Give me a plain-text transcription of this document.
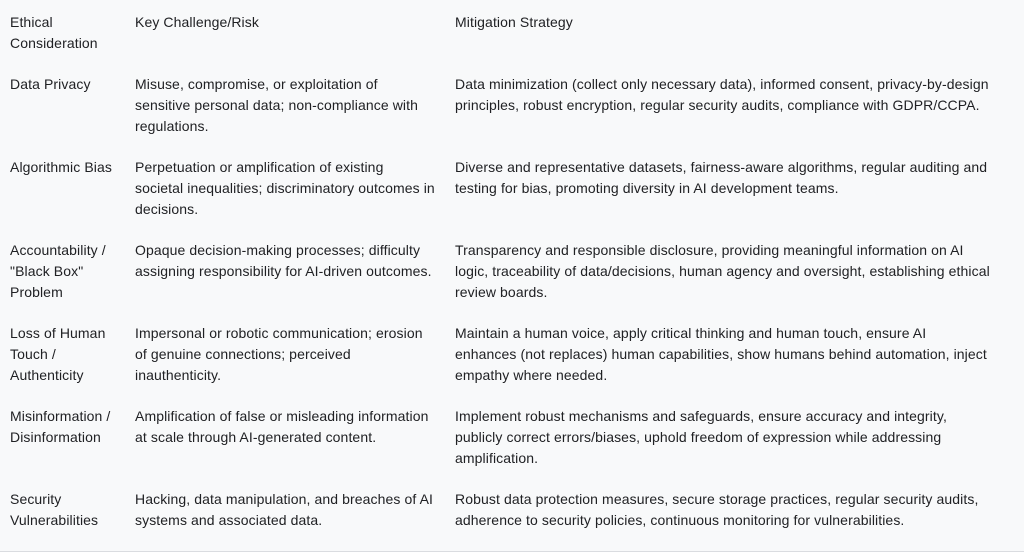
Ethical Consideration	Key Challenge/Risk	Mitigation Strategy
Data Privacy	Misuse, compromise, or exploitation of sensitive personal data; non-compliance with regulations.	Data minimization (collect only necessary data), informed consent, privacy-by-design principles, robust encryption, regular security audits, compliance with GDPR/CCPA.
Algorithmic Bias	Perpetuation or amplification of existing societal inequalities; discriminatory outcomes in decisions.	Diverse and representative datasets, fairness-aware algorithms, regular auditing and testing for bias, promoting diversity in AI development teams.
Accountability / "Black Box" Problem	Opaque decision-making processes; difficulty assigning responsibility for AI-driven outcomes.	Transparency and responsible disclosure, providing meaningful information on AI logic, traceability of data/decisions, human agency and oversight, establishing ethical review boards.
Loss of Human Touch / Authenticity	Impersonal or robotic communication; erosion of genuine connections; perceived inauthenticity.	Maintain a human voice, apply critical thinking and human touch, ensure AI enhances (not replaces) human capabilities, show humans behind automation, inject empathy where needed.
Misinformation / Disinformation	Amplification of false or misleading information at scale through AI-generated content.	Implement robust mechanisms and safeguards, ensure accuracy and integrity, publicly correct errors/biases, uphold freedom of expression while addressing amplification.
Security Vulnerabilities	Hacking, data manipulation, and breaches of AI systems and associated data.	Robust data protection measures, secure storage practices, regular security audits, adherence to security policies, continuous monitoring for vulnerabilities.
